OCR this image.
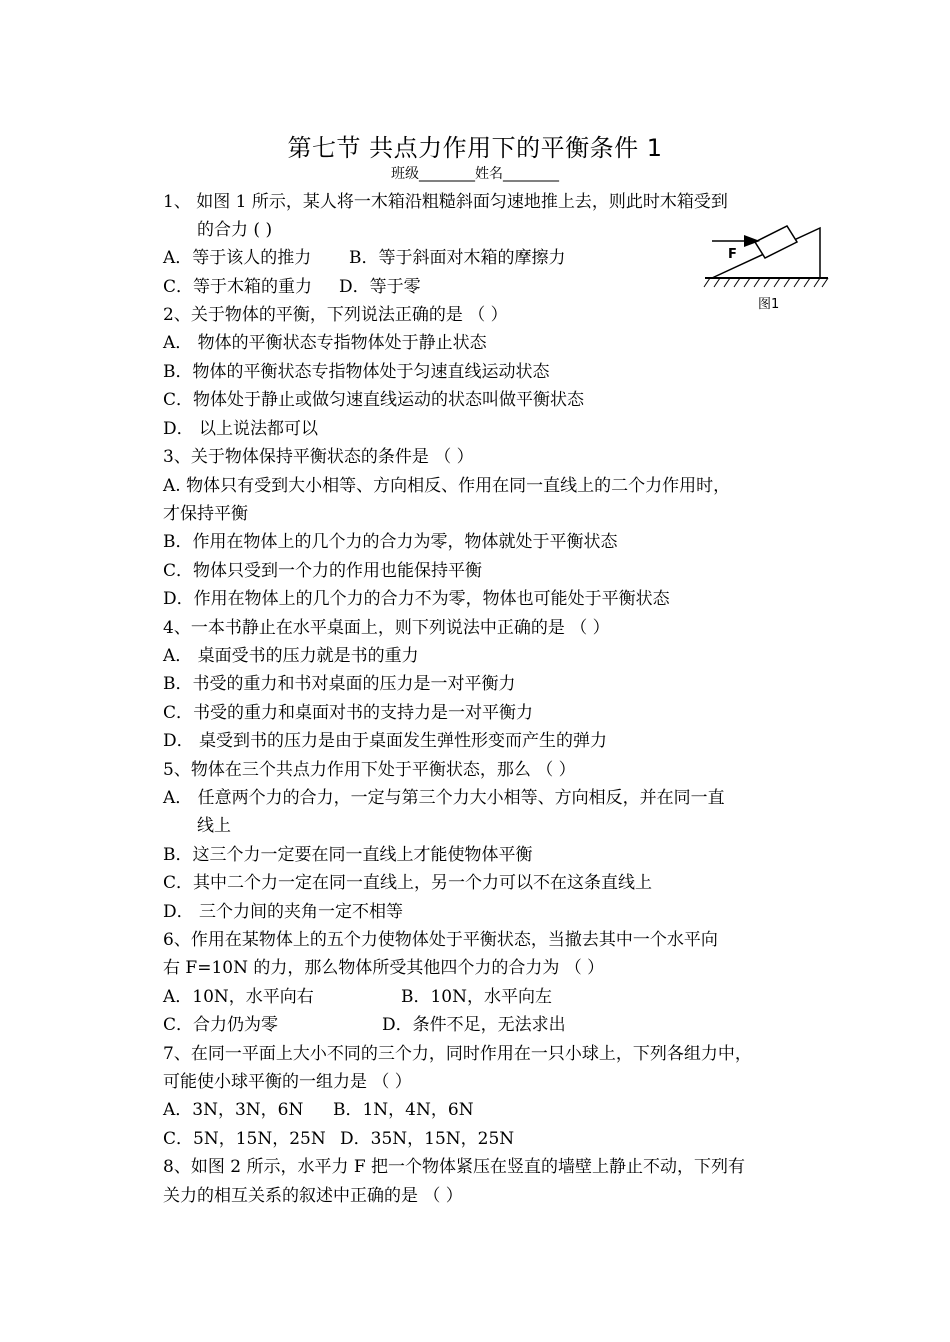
第七节 共点力作用下的平衡条件 1
班级________姓名________
1、 如图 1 所示，某人将一木箱沿粗糙斜面匀速地推上去，则此时木箱受到
的合力 ( )
A．等于该人的推力 B．等于斜面对木箱的摩擦力
C．等于木箱的重力 D．等于零
F
图1
2、关于物体的平衡，下列说法正确的是 （ ）
A． 物体的平衡状态专指物体处于静止状态
B．物体的平衡状态专指物体处于匀速直线运动状态
C．物体处于静止或做匀速直线运动的状态叫做平衡状态
D． 以上说法都可以
3、关于物体保持平衡状态的条件是 （ ）
A. 物体只有受到大小相等、方向相反、作用在同一直线上的二个力作用时，
才保持平衡
B．作用在物体上的几个力的合力为零，物体就处于平衡状态
C．物体只受到一个力的作用也能保持平衡
D．作用在物体上的几个力的合力不为零，物体也可能处于平衡状态
4、一本书静止在水平桌面上，则下列说法中正确的是 （ ）
A． 桌面受书的压力就是书的重力
B．书受的重力和书对桌面的压力是一对平衡力
C．书受的重力和桌面对书的支持力是一对平衡力
D． 桌受到书的压力是由于桌面发生弹性形变而产生的弹力
5、物体在三个共点力作用下处于平衡状态，那么 （ ）
A． 任意两个力的合力，一定与第三个力大小相等、方向相反，并在同一直
线上
B．这三个力一定要在同一直线上才能使物体平衡
C．其中二个力一定在同一直线上，另一个力可以不在这条直线上
D． 三个力间的夹角一定不相等
6、作用在某物体上的五个力使物体处于平衡状态，当撤去其中一个水平向
右 F=10N 的力，那么物体所受其他四个力的合力为 （ ）
A．10N，水平向右	B．10N，水平向左
C．合力仍为零	D．条件不足，无法求出
7、在同一平面上大小不同的三个力，同时作用在一只小球上，下列各组力中，
可能使小球平衡的一组力是 （ ）
A．3N，3N，6N B．1N，4N，6N
C．5N，15N，25N D．35N，15N，25N
8、如图 2 所示，水平力 F 把一个物体紧压在竖直的墙壁上静止不动，下列有
关力的相互关系的叙述中正确的是 （ ）
